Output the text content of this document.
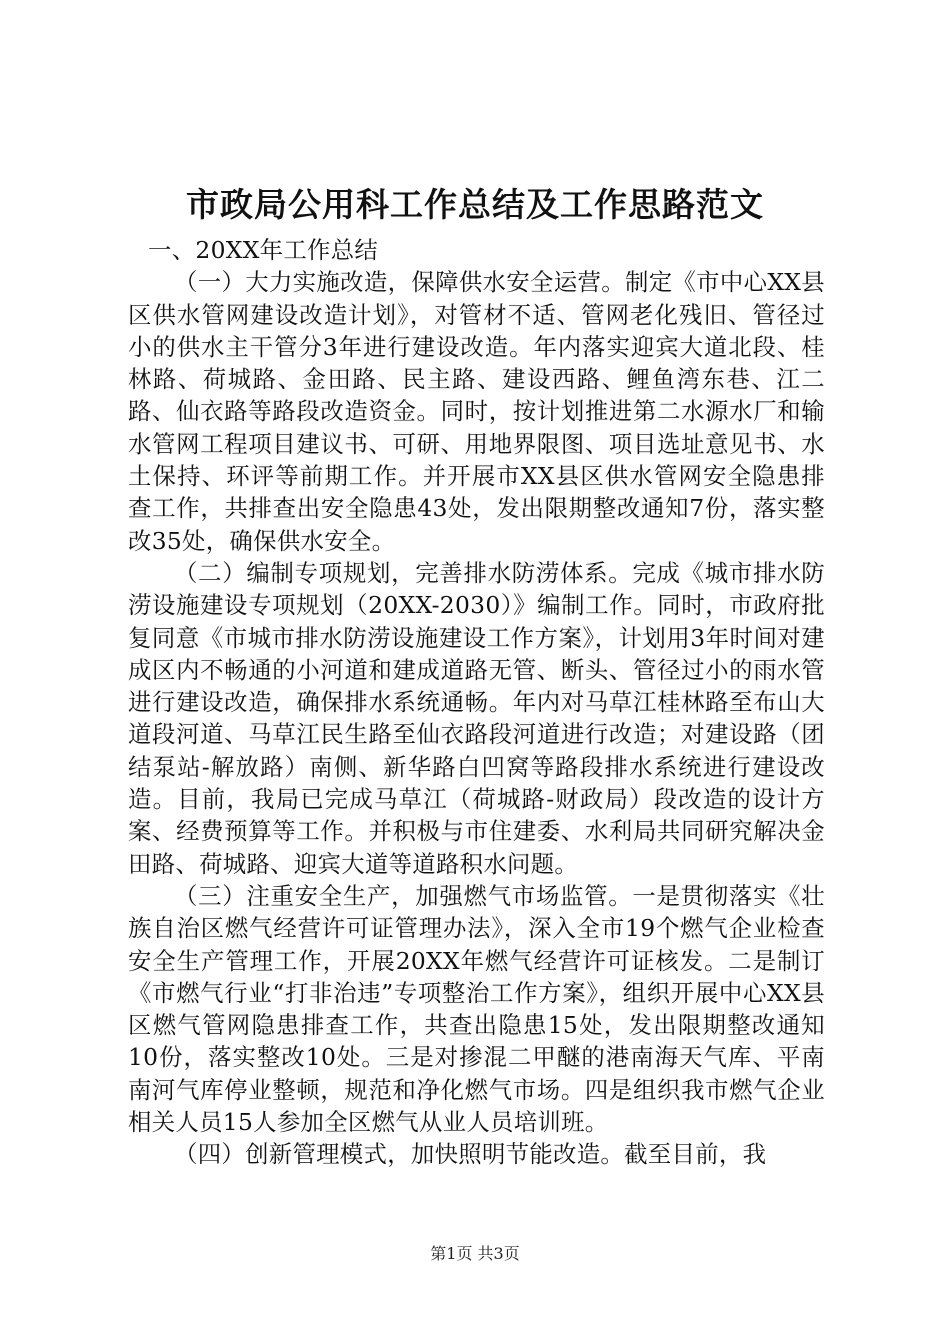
市政局公用科工作总结及工作思路范文

一、20XX年工作总结

（一）大力实施改造，保障供水安全运营。制定《市中心XX县区供水管网建设改造计划》，对管材不适、管网老化残旧、管径过小的供水主干管分3年进行建设改造。年内落实迎宾大道北段、桂林路、荷城路、金田路、民主路、建设西路、鲤鱼湾东巷、江二路、仙衣路等路段改造资金。同时，按计划推进第二水源水厂和输水管网工程项目建议书、可研、用地界限图、项目选址意见书、水土保持、环评等前期工作。并开展市XX县区供水管网安全隐患排查工作，共排查出安全隐患43处，发出限期整改通知7份，落实整改35处，确保供水安全。

（二）编制专项规划，完善排水防涝体系。完成《城市排水防涝设施建设专项规划（20XX-2030）》编制工作。同时，市政府批复同意《市城市排水防涝设施建设工作方案》，计划用3年时间对建成区内不畅通的小河道和建成道路无管、断头、管径过小的雨水管进行建设改造，确保排水系统通畅。年内对马草江桂林路至布山大道段河道、马草江民生路至仙衣路段河道进行改造；对建设路（团结泵站-解放路）南侧、新华路白凹窝等路段排水系统进行建设改造。目前，我局已完成马草江（荷城路-财政局）段改造的设计方案、经费预算等工作。并积极与市住建委、水利局共同研究解决金田路、荷城路、迎宾大道等道路积水问题。

（三）注重安全生产，加强燃气市场监管。一是贯彻落实《壮族自治区燃气经营许可证管理办法》，深入全市19个燃气企业检查安全生产管理工作，开展20XX年燃气经营许可证核发。二是制订《市燃气行业“打非治违”专项整治工作方案》，组织开展中心XX县区燃气管网隐患排查工作，共查出隐患15处，发出限期整改通知10份，落实整改10处。三是对掺混二甲醚的港南海天气库、平南南河气库停业整顿，规范和净化燃气市场。四是组织我市燃气企业相关人员15人参加全区燃气从业人员培训班。

（四）创新管理模式，加快照明节能改造。截至目前，我

第1页 共3页
